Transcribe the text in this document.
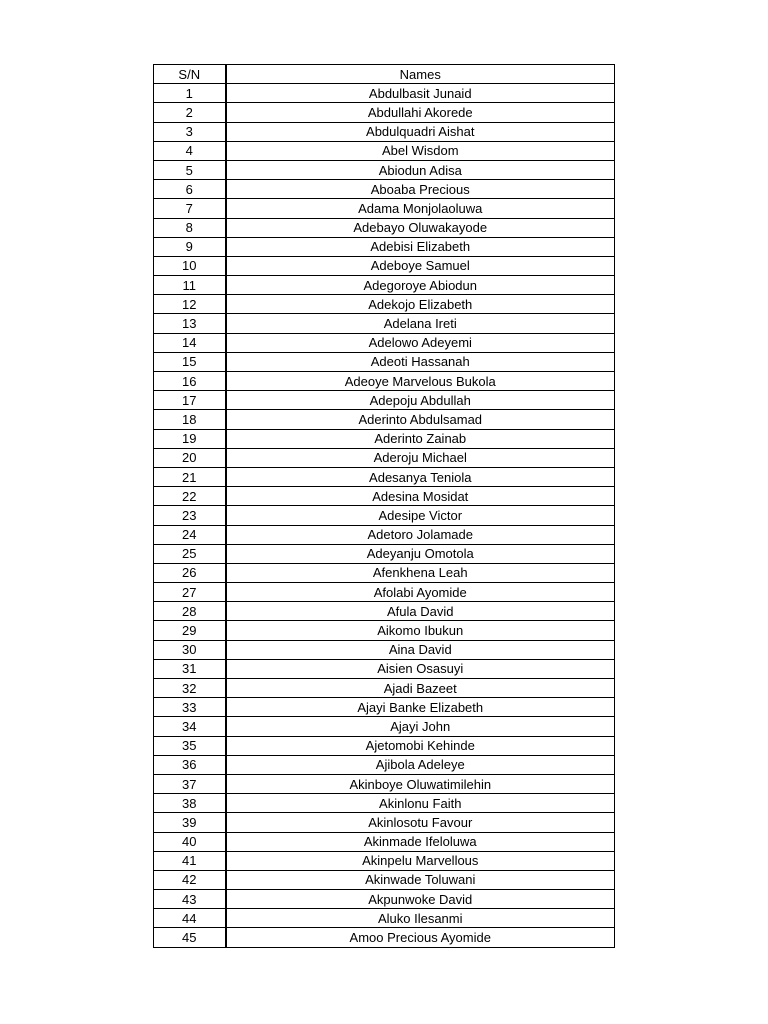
S/N	Names
1	Abdulbasit Junaid
2	Abdullahi Akorede
3	Abdulquadri Aishat
4	Abel Wisdom
5	Abiodun Adisa
6	Aboaba Precious
7	Adama Monjolaoluwa
8	Adebayo Oluwakayode
9	Adebisi Elizabeth
10	Adeboye Samuel
11	Adegoroye Abiodun
12	Adekojo Elizabeth
13	Adelana Ireti
14	Adelowo Adeyemi
15	Adeoti Hassanah
16	Adeoye Marvelous Bukola
17	Adepoju Abdullah
18	Aderinto Abdulsamad
19	Aderinto Zainab
20	Aderoju Michael
21	Adesanya Teniola
22	Adesina Mosidat
23	Adesipe Victor
24	Adetoro Jolamade
25	Adeyanju Omotola
26	Afenkhena Leah
27	Afolabi Ayomide
28	Afula David
29	Aikomo Ibukun
30	Aina David
31	Aisien Osasuyi
32	Ajadi Bazeet
33	Ajayi Banke Elizabeth
34	Ajayi John
35	Ajetomobi Kehinde
36	Ajibola Adeleye
37	Akinboye Oluwatimilehin
38	Akinlonu Faith
39	Akinlosotu Favour
40	Akinmade Ifeloluwa
41	Akinpelu Marvellous
42	Akinwade Toluwani
43	Akpunwoke David
44	Aluko Ilesanmi
45	Amoo Precious Ayomide
